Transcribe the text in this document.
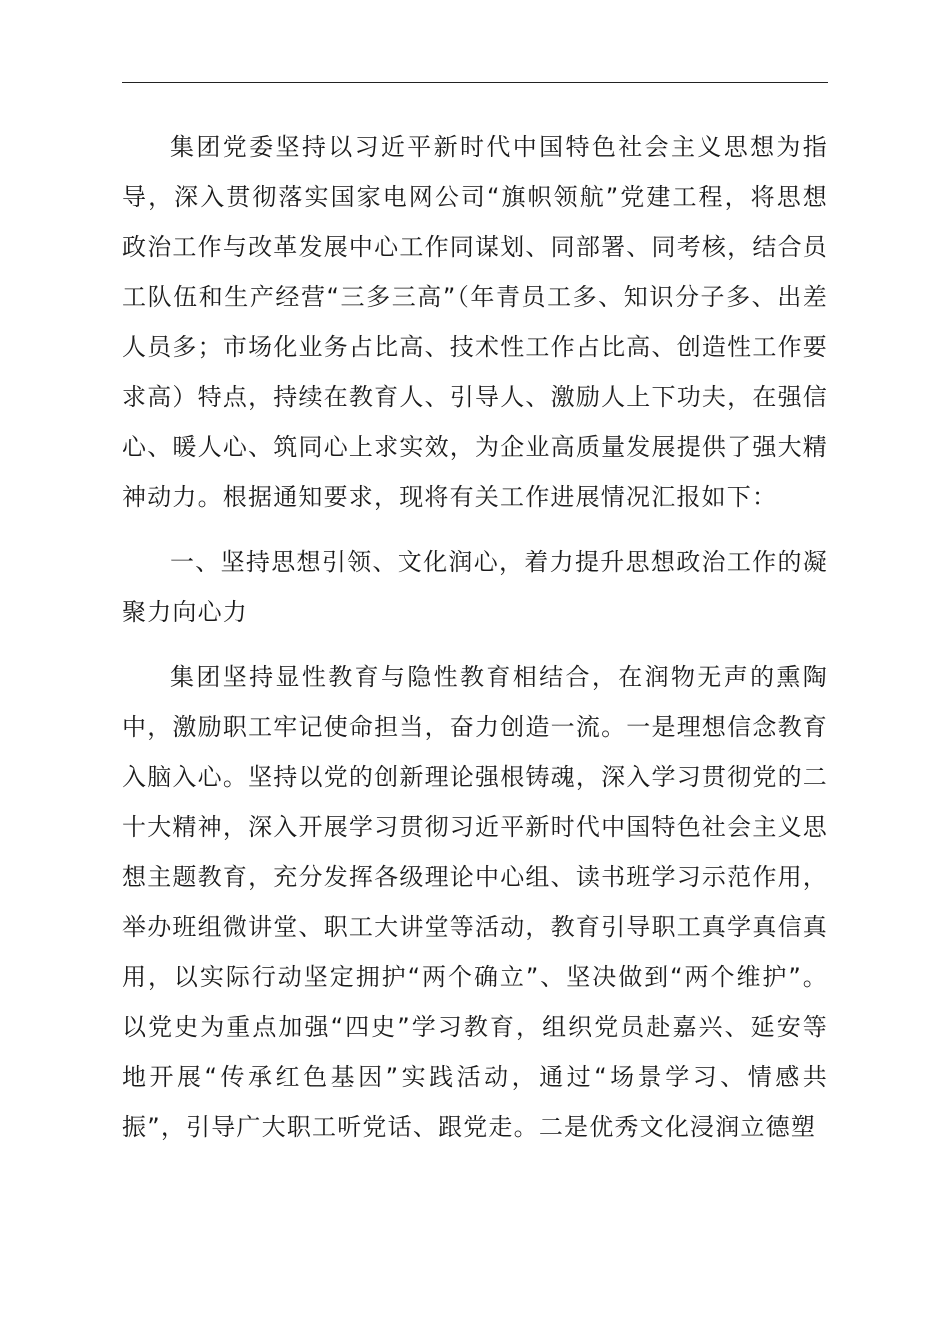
集团党委坚持以习近平新时代中国特色社会主义思想为指导，深入贯彻落实国家电网公司“旗帜领航”党建工程，将思想政治工作与改革发展中心工作同谋划、同部署、同考核，结合员工队伍和生产经营“三多三高”（年青员工多、知识分子多、出差人员多；市场化业务占比高、技术性工作占比高、创造性工作要求高）特点，持续在教育人、引导人、激励人上下功夫，在强信心、暖人心、筑同心上求实效，为企业高质量发展提供了强大精神动力。根据通知要求，现将有关工作进展情况汇报如下：

一、坚持思想引领、文化润心，着力提升思想政治工作的凝聚力向心力

集团坚持显性教育与隐性教育相结合，在润物无声的熏陶中，激励职工牢记使命担当，奋力创造一流。一是理想信念教育入脑入心。坚持以党的创新理论强根铸魂，深入学习贯彻党的二十大精神，深入开展学习贯彻习近平新时代中国特色社会主义思想主题教育，充分发挥各级理论中心组、读书班学习示范作用，举办班组微讲堂、职工大讲堂等活动，教育引导职工真学真信真用，以实际行动坚定拥护“两个确立”、坚决做到“两个维护”。以党史为重点加强“四史”学习教育，组织党员赴嘉兴、延安等地开展“传承红色基因”实践活动，通过“场景学习、情感共振”，引导广大职工听党话、跟党走。二是优秀文化浸润立德塑
